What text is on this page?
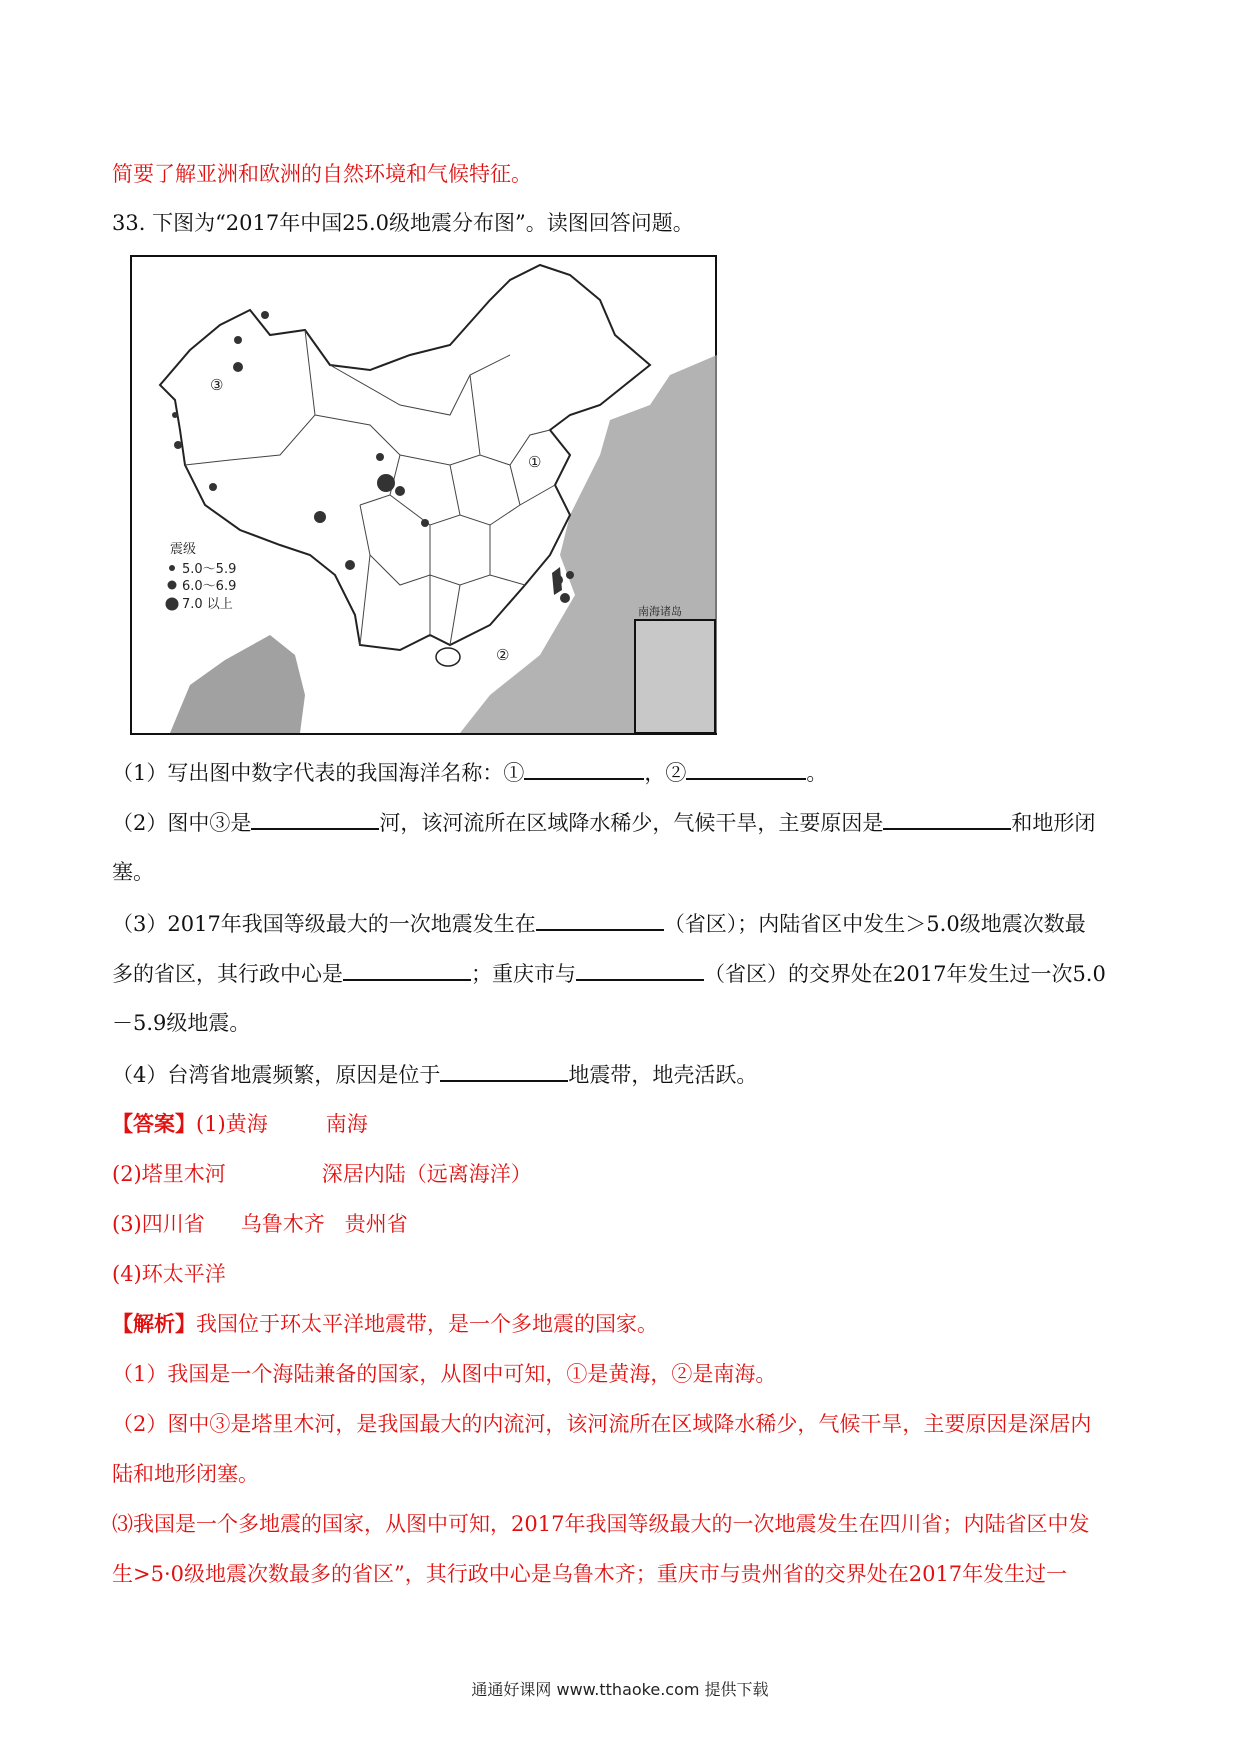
简要了解亚洲和欧洲的自然环境和气候特征。
33. 下图为“2017年中国25.0级地震分布图”。读图回答问题。
①
②
③
震级
5.0～5.9
6.0～6.9
7.0 以上	南海诸岛
（1）写出图中数字代表的我国海洋名称：①	，②	。
（2）图中③是	河，该河流所在区域降水稀少，气候干旱，主要原因是	和地形闭
塞。
（3）2017年我国等级最大的一次地震发生在	（省区）；内陆省区中发生＞5.0级地震次数最
多的省区，其行政中心是	；重庆市与	（省区）的交界处在2017年发生过一次5.0
－5.9级地震。
（4）台湾省地震频繁，原因是位于	地震带，地壳活跃。
【答案】(1)黄海	南海
(2)塔里木河	深居内陆（远离海洋）
(3)四川省 乌鲁木齐 贵州省
(4)环太平洋
【解析】我国位于环太平洋地震带，是一个多地震的国家。
（1）我国是一个海陆兼备的国家，从图中可知，①是黄海，②是南海。
（2）图中③是塔里木河，是我国最大的内流河，该河流所在区域降水稀少，气候干旱，主要原因是深居内
陆和地形闭塞。
⑶我国是一个多地震的国家，从图中可知，2017年我国等级最大的一次地震发生在四川省；内陆省区中发
生>5·0级地震次数最多的省区”，其行政中心是乌鲁木齐；重庆市与贵州省的交界处在2017年发生过一
通通好课网 www.tthaoke.com 提供下载
